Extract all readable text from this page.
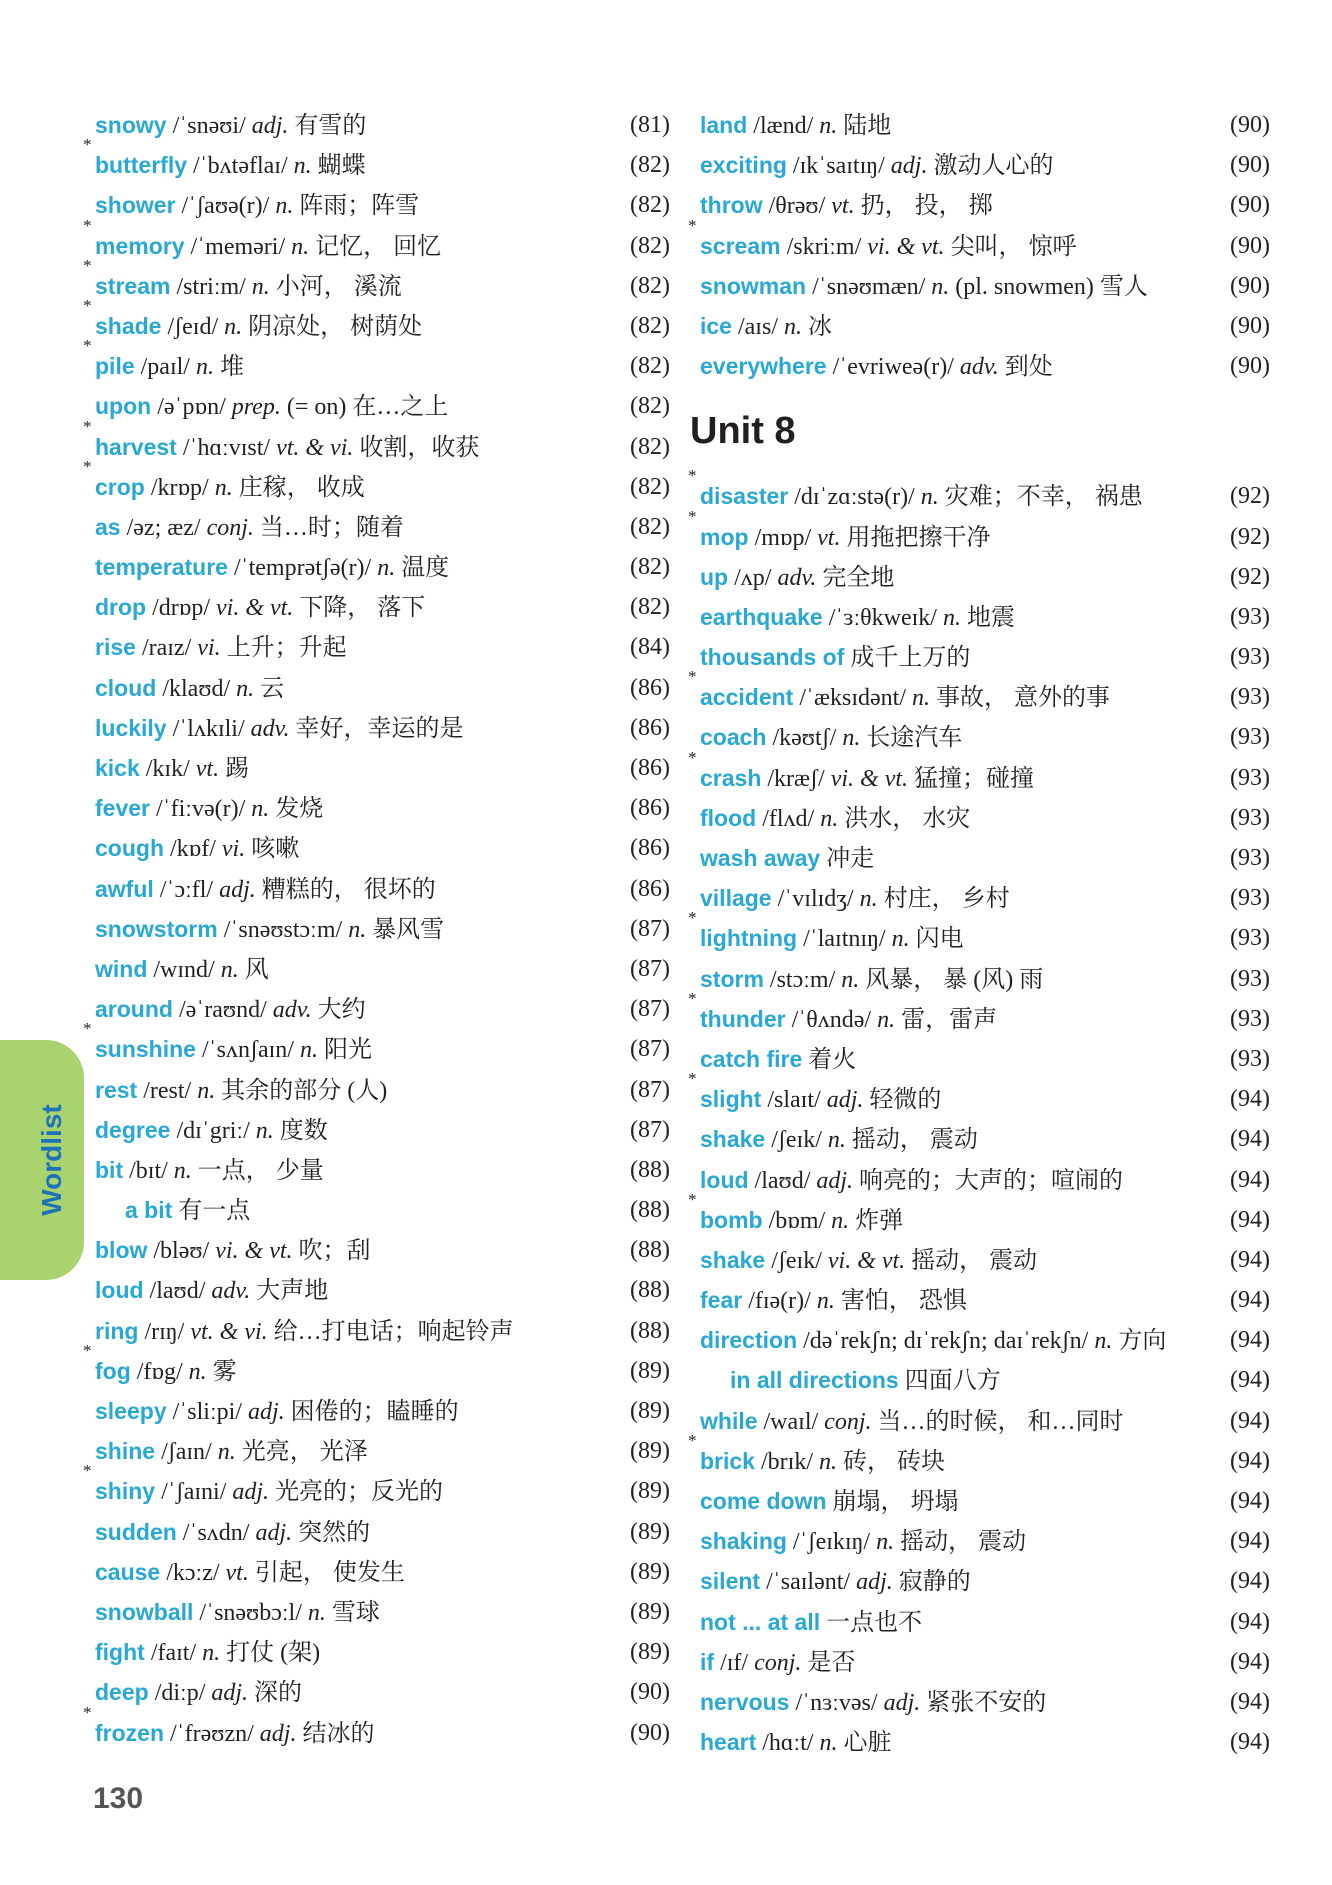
Wordlist
snowy /ˈsnəʊi/ adj. 有雪的	(81)
*
butterfly /ˈbʌtəflaɪ/ n. 蝴蝶	(82)
shower /ˈʃaʊə(r)/ n. 阵雨；阵雪	(82)
*
memory /ˈmeməri/ n. 记忆， 回忆	(82)
*
stream /striːm/ n. 小河， 溪流	(82)
*
shade /ʃeɪd/ n. 阴凉处， 树荫处	(82)
*
pile /paɪl/ n. 堆	(82)
upon /əˈpɒn/ prep. (= on) 在…之上	(82)
*
harvest /ˈhɑːvɪst/ vt. & vi. 收割，收获	(82)
*
crop /krɒp/ n. 庄稼， 收成	(82)
as /əz; æz/ conj. 当…时；随着	(82)
temperature /ˈtemprətʃə(r)/ n. 温度	(82)
drop /drɒp/ vi. & vt. 下降， 落下	(82)
rise /raɪz/ vi. 上升；升起	(84)
cloud /klaʊd/ n. 云	(86)
luckily /ˈlʌkɪli/ adv. 幸好，幸运的是	(86)
kick /kɪk/ vt. 踢	(86)
fever /ˈfiːvə(r)/ n. 发烧	(86)
cough /kɒf/ vi. 咳嗽	(86)
awful /ˈɔːfl/ adj. 糟糕的， 很坏的	(86)
snowstorm /ˈsnəʊstɔːm/ n. 暴风雪	(87)
wind /wɪnd/ n. 风	(87)
around /əˈraʊnd/ adv. 大约	(87)
*
sunshine /ˈsʌnʃaɪn/ n. 阳光	(87)
rest /rest/ n. 其余的部分 (人)	(87)
degree /dɪˈgriː/ n. 度数	(87)
bit /bɪt/ n. 一点， 少量	(88)
a bit 有一点	(88)
blow /bləʊ/ vi. & vt. 吹；刮	(88)
loud /laʊd/ adv. 大声地	(88)
ring /rɪŋ/ vt. & vi. 给…打电话；响起铃声	(88)
*
fog /fɒg/ n. 雾	(89)
sleepy /ˈsliːpi/ adj. 困倦的；瞌睡的	(89)
shine /ʃaɪn/ n. 光亮， 光泽	(89)
*
shiny /ˈʃaɪni/ adj. 光亮的；反光的	(89)
sudden /ˈsʌdn/ adj. 突然的	(89)
cause /kɔːz/ vt. 引起， 使发生	(89)
snowball /ˈsnəʊbɔːl/ n. 雪球	(89)
fight /faɪt/ n. 打仗 (架)	(89)
deep /diːp/ adj. 深的	(90)
*
frozen /ˈfrəʊzn/ adj. 结冰的	(90)
land /lænd/ n. 陆地	(90)
exciting /ɪkˈsaɪtɪŋ/ adj. 激动人心的	(90)
throw /θrəʊ/ vt. 扔， 投， 掷	(90)
*
scream /skriːm/ vi. & vt. 尖叫， 惊呼	(90)
snowman /ˈsnəʊmæn/ n. (pl. snowmen) 雪人	(90)
ice /aɪs/ n. 冰	(90)
everywhere /ˈevriweə(r)/ adv. 到处	(90)
Unit 8
*
disaster /dɪˈzɑːstə(r)/ n. 灾难；不幸， 祸患	(92)
*
mop /mɒp/ vt. 用拖把擦干净	(92)
up /ʌp/ adv. 完全地	(92)
earthquake /ˈɜːθkweɪk/ n. 地震	(93)
thousands of 成千上万的	(93)
*
accident /ˈæksɪdənt/ n. 事故， 意外的事	(93)
coach /kəʊtʃ/ n. 长途汽车	(93)
*
crash /kræʃ/ vi. & vt. 猛撞；碰撞	(93)
flood /flʌd/ n. 洪水， 水灾	(93)
wash away 冲走	(93)
village /ˈvɪlɪdʒ/ n. 村庄， 乡村	(93)
*
lightning /ˈlaɪtnɪŋ/ n. 闪电	(93)
storm /stɔːm/ n. 风暴， 暴 (风) 雨	(93)
*
thunder /ˈθʌndə/ n. 雷，雷声	(93)
catch fire 着火	(93)
*
slight /slaɪt/ adj. 轻微的	(94)
shake /ʃeɪk/ n. 摇动， 震动	(94)
loud /laʊd/ adj. 响亮的；大声的；喧闹的	(94)
*
bomb /bɒm/ n. 炸弹	(94)
shake /ʃeɪk/ vi. & vt. 摇动， 震动	(94)
fear /fɪə(r)/ n. 害怕， 恐惧	(94)
direction /dəˈrekʃn; dɪˈrekʃn; daɪˈrekʃn/ n. 方向	(94)
in all directions 四面八方	(94)
while /waɪl/ conj. 当…的时候， 和…同时	(94)
*
brick /brɪk/ n. 砖， 砖块	(94)
come down 崩塌， 坍塌	(94)
shaking /ˈʃeɪkɪŋ/ n. 摇动， 震动	(94)
silent /ˈsaɪlənt/ adj. 寂静的	(94)
not ... at all 一点也不	(94)
if /ɪf/ conj. 是否	(94)
nervous /ˈnɜːvəs/ adj. 紧张不安的	(94)
heart /hɑːt/ n. 心脏	(94)
130
